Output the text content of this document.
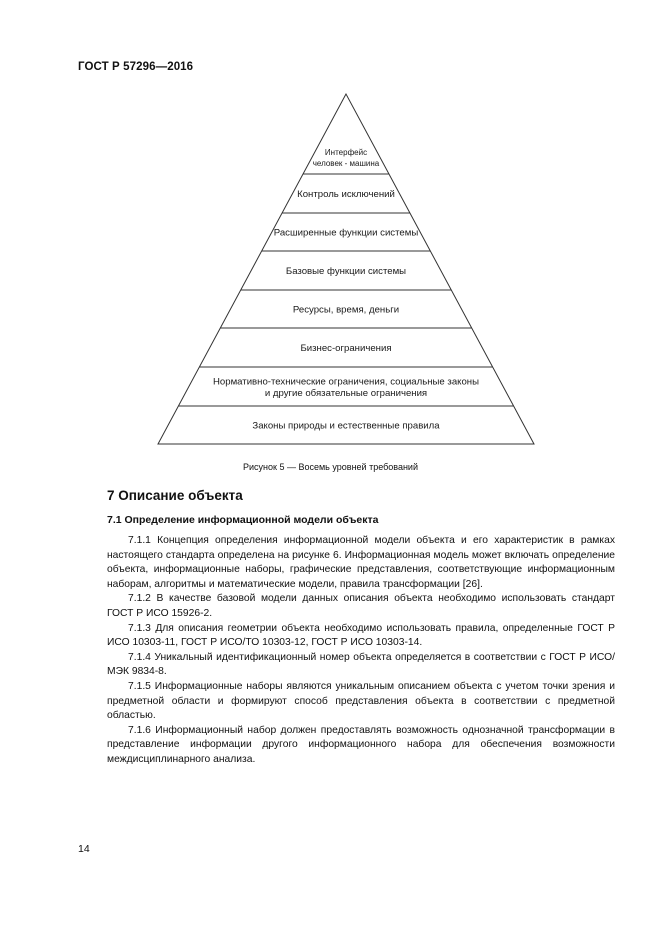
ГОСТ Р 57296—2016
Интерфейс
человек - машина
Контроль исключений
Расширенные функции системы
Базовые функции системы
Ресурсы, время, деньги
Бизнес-ограничения
Нормативно-технические ограничения, социальные законы
и другие обязательные ограничения
Законы природы и естественные правила
Рисунок 5 — Восемь уровней требований
7 Описание объекта
7.1 Определение информационной модели объекта

7.1.1 Концепция определения информационной модели объекта и его характеристик в рамках настоящего стандарта определена на рисунке 6. Информационная модель может включать определение объекта, информационные наборы, графические представления, соответствующие информационным наборам, алгоритмы и математические модели, правила трансформации [26].

7.1.2 В качестве базовой модели данных описания объекта необходимо использовать стандарт ГОСТ Р ИСО 15926-2.

7.1.3 Для описания геометрии объекта необходимо использовать правила, определенные ГОСТ Р ИСО 10303-11, ГОСТ Р ИСО/ТО 10303-12, ГОСТ Р ИСО 10303-14.

7.1.4 Уникальный идентификационный номер объекта определяется в соответствии с ГОСТ Р ИСО/МЭК 9834-8.

7.1.5 Информационные наборы являются уникальным описанием объекта с учетом точки зрения и предметной области и формируют способ представления объекта в соответствии с предметной областью.

7.1.6 Информационный набор должен предоставлять возможность однозначной трансформации в представление информации другого информационного набора для обеспечения возможности междисциплинарного анализа.

14
